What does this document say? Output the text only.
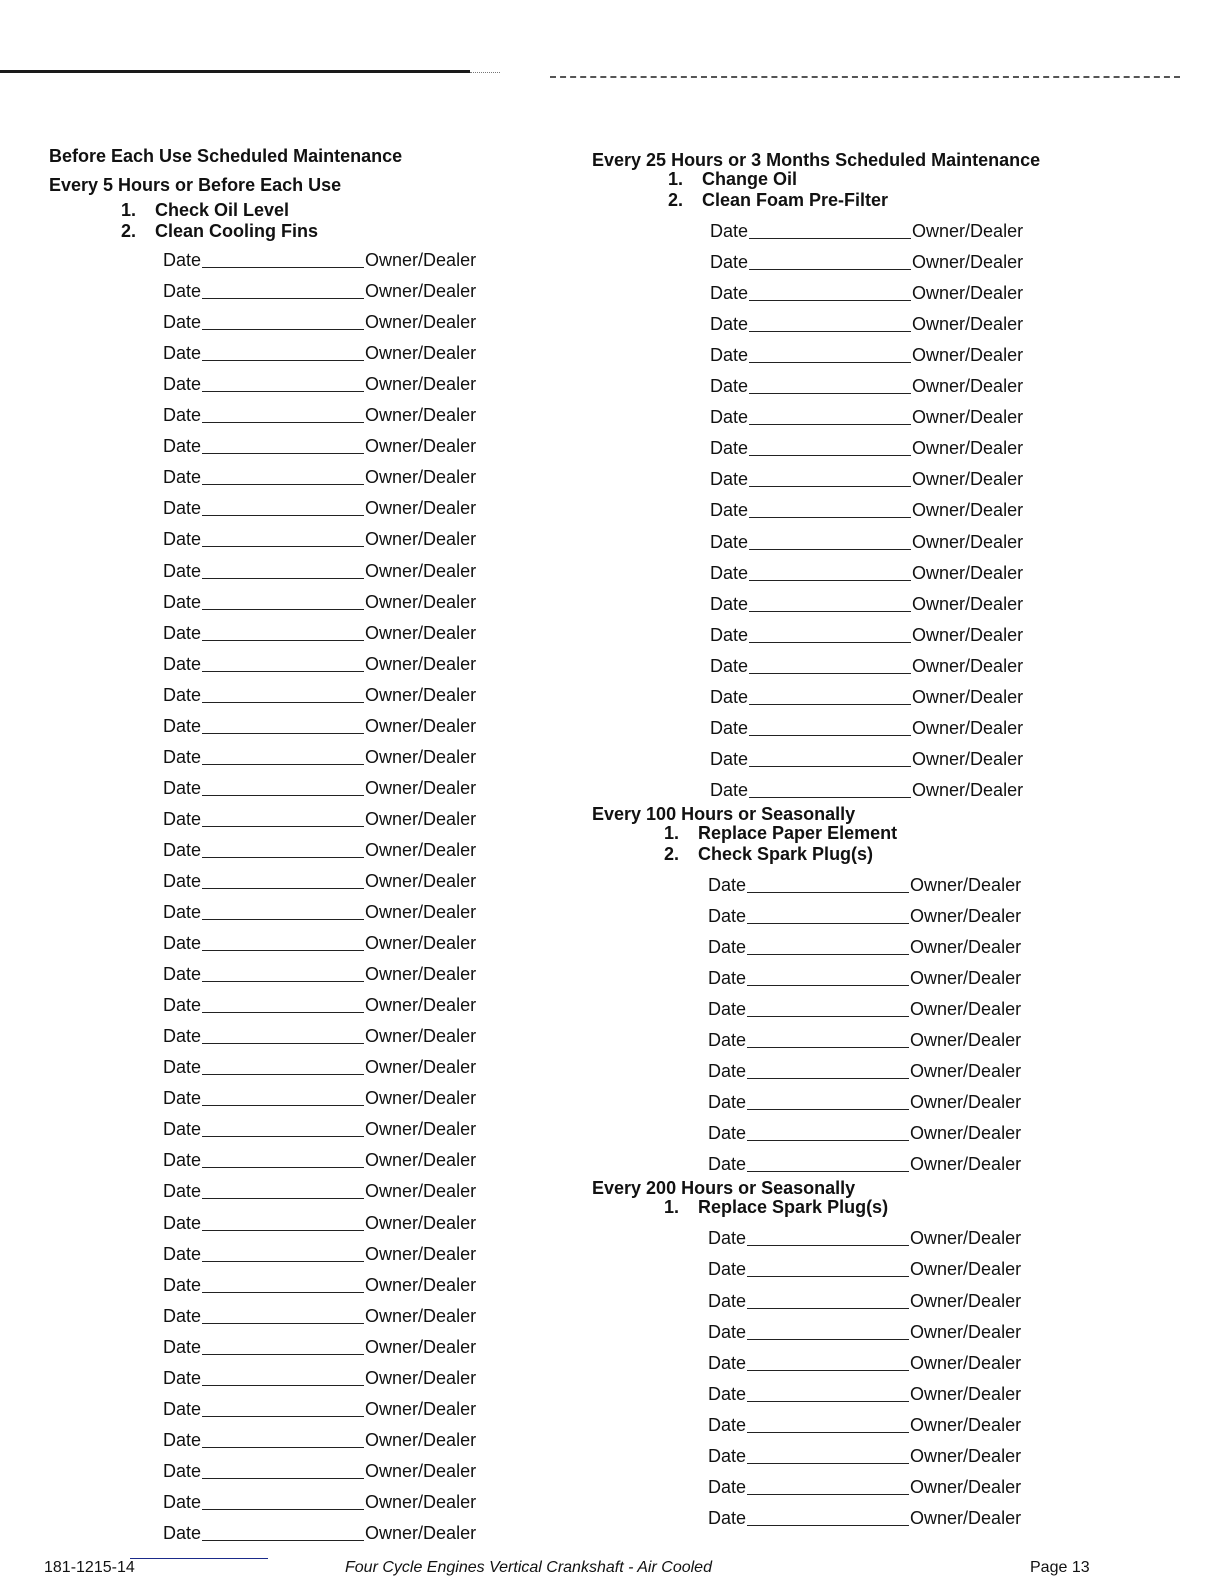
Before Each Use Scheduled Maintenance
Every 5 Hours or Before Each Use
1. Check Oil Level
2. Clean Cooling Fins
Date	Owner/Dealer
Date	Owner/Dealer
Date	Owner/Dealer
Date	Owner/Dealer
Date	Owner/Dealer
Date	Owner/Dealer
Date	Owner/Dealer
Date	Owner/Dealer
Date	Owner/Dealer
Date	Owner/Dealer
Date	Owner/Dealer
Date	Owner/Dealer
Date	Owner/Dealer
Date	Owner/Dealer
Date	Owner/Dealer
Date	Owner/Dealer
Date	Owner/Dealer
Date	Owner/Dealer
Date	Owner/Dealer
Date	Owner/Dealer
Date	Owner/Dealer
Date	Owner/Dealer
Date	Owner/Dealer
Date	Owner/Dealer
Date	Owner/Dealer
Date	Owner/Dealer
Date	Owner/Dealer
Date	Owner/Dealer
Date	Owner/Dealer
Date	Owner/Dealer
Date	Owner/Dealer
Date	Owner/Dealer
Date	Owner/Dealer
Date	Owner/Dealer
Date	Owner/Dealer
Date	Owner/Dealer
Date	Owner/Dealer
Date	Owner/Dealer
Date	Owner/Dealer
Date	Owner/Dealer
Date	Owner/Dealer
Date	Owner/Dealer
Every 25 Hours or 3 Months Scheduled Maintenance
1. Change Oil
2. Clean Foam Pre-Filter
Date	Owner/Dealer
Date	Owner/Dealer
Date	Owner/Dealer
Date	Owner/Dealer
Date	Owner/Dealer
Date	Owner/Dealer
Date	Owner/Dealer
Date	Owner/Dealer
Date	Owner/Dealer
Date	Owner/Dealer
Date	Owner/Dealer
Date	Owner/Dealer
Date	Owner/Dealer
Date	Owner/Dealer
Date	Owner/Dealer
Date	Owner/Dealer
Date	Owner/Dealer
Date	Owner/Dealer
Date	Owner/Dealer
Every 100 Hours or Seasonally
1. Replace Paper Element
2. Check Spark Plug(s)
Date	Owner/Dealer
Date	Owner/Dealer
Date	Owner/Dealer
Date	Owner/Dealer
Date	Owner/Dealer
Date	Owner/Dealer
Date	Owner/Dealer
Date	Owner/Dealer
Date	Owner/Dealer
Date	Owner/Dealer
Every 200 Hours or Seasonally
1. Replace Spark Plug(s)
Date	Owner/Dealer
Date	Owner/Dealer
Date	Owner/Dealer
Date	Owner/Dealer
Date	Owner/Dealer
Date	Owner/Dealer
Date	Owner/Dealer
Date	Owner/Dealer
Date	Owner/Dealer
Date	Owner/Dealer
181-1215-14	Four Cycle Engines Vertical Crankshaft - Air Cooled	Page 13
